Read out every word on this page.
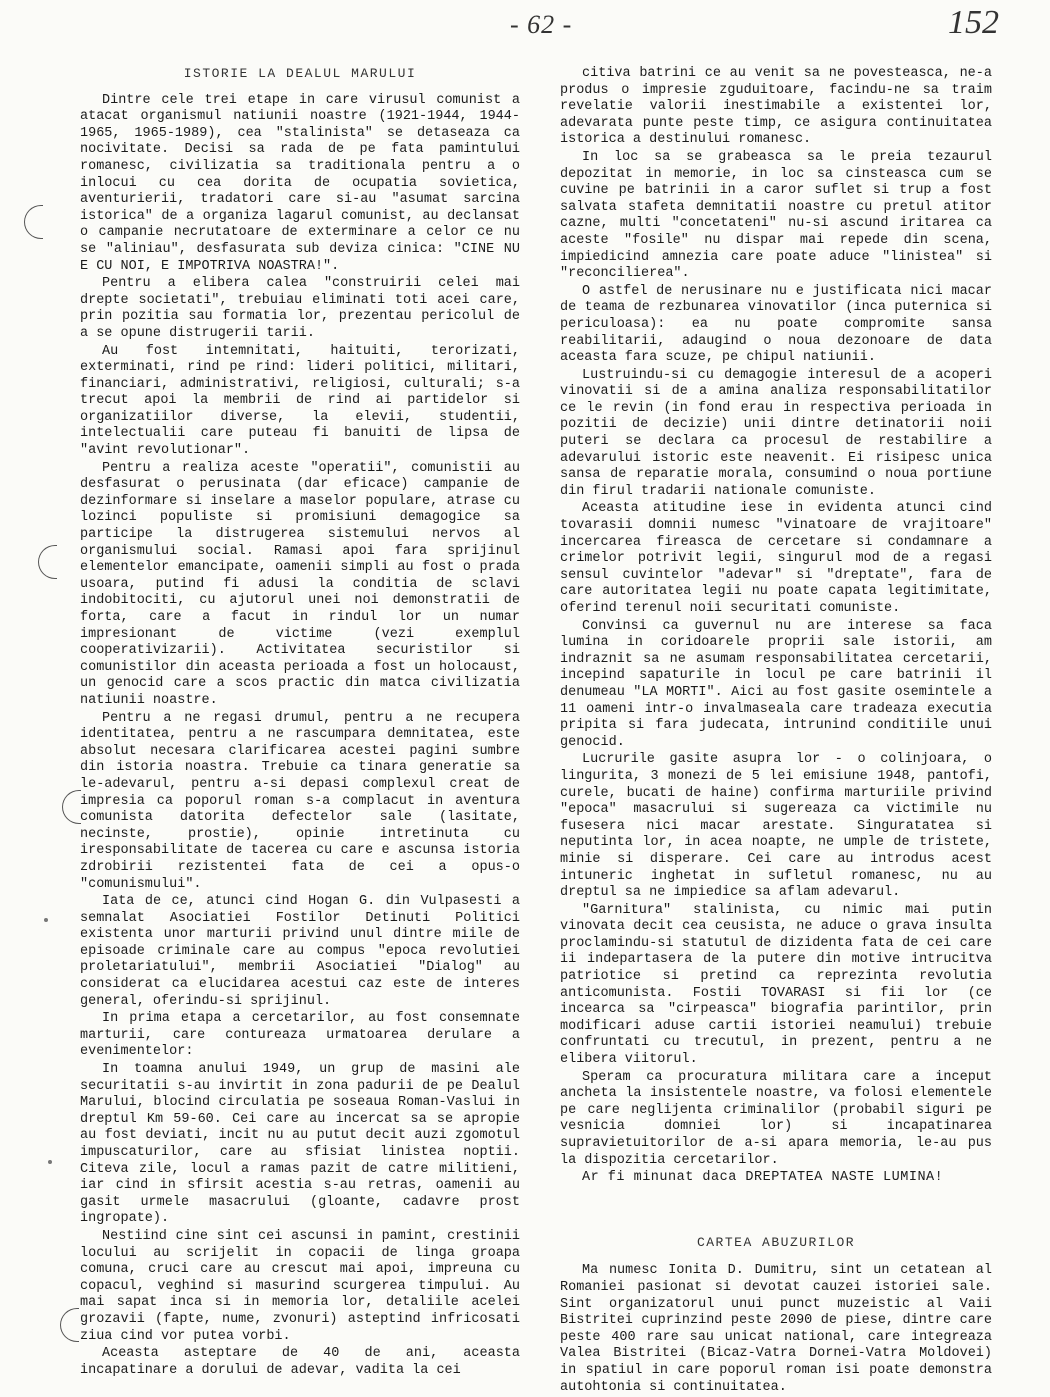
- 62 -	152
ISTORIE LA DEALUL MARULUI

Dintre cele trei etape in care virusul comunist a atacat organismul natiunii noastre (1921-1944, 1944-1965, 1965-1989), cea "stalinista" se detaseaza ca nocivitate. Decisi sa rada de pe fata pamintului romanesc, civilizatia sa traditionala pentru a o inlocui cu cea dorita de ocupatia sovietica, aventurierii, tradatori care si-au "asumat sarcina istorica" de a organiza lagarul comunist, au declansat o campanie necrutatoare de exterminare a celor ce nu se "aliniau", desfasurata sub deviza cinica: "CINE NU E CU NOI, E IMPOTRIVA NOASTRA!".

Pentru a elibera calea "construirii celei mai drepte societati", trebuiau eliminati toti acei care, prin pozitia sau formatia lor, prezentau pericolul de a se opune distrugerii tarii.

Au fost intemnitati, haituiti, terorizati, exterminati, rind pe rind: lideri politici, militari, financiari, administrativi, religiosi, culturali; s-a trecut apoi la membrii de rind ai partidelor si organizatiilor diverse, la elevii, studentii, intelectualii care puteau fi banuiti de lipsa de "avint revolutionar".

Pentru a realiza aceste "operatii", comunistii au desfasurat o perusinata (dar eficace) campanie de dezinformare si inselare a maselor populare, atrase cu lozinci populiste si promisiuni demagogice sa participe la distrugerea sistemului nervos al organismului social. Ramasi apoi fara sprijinul elementelor emancipate, oamenii simpli au fost o prada usoara, putind fi adusi la conditia de sclavi indobitociti, cu ajutorul unei noi demonstratii de forta, care a facut in rindul lor un numar impresionant de victime (vezi exemplul cooperativizarii). Activitatea securistilor si comunistilor din aceasta perioada a fost un holocaust, un genocid care a scos practic din matca civilizatia natiunii noastre.

Pentru a ne regasi drumul, pentru a ne recupera identitatea, pentru a ne rascumpara demnitatea, este absolut necesara clarificarea acestei pagini sumbre din istoria noastra. Trebuie ca tinara generatie sa le-adevarul, pentru a-si depasi complexul creat de impresia ca poporul roman s-a complacut in aventura comunista datorita defectelor sale (lasitate, necinste, prostie), opinie intretinuta cu iresponsabilitate de tacerea cu care e ascunsa istoria zdrobirii rezistentei fata de cei a opus-o "comunismului".

Iata de ce, atunci cind Hogan G. din Vulpasesti a semnalat Asociatiei Fostilor Detinuti Politici existenta unor marturii privind unul dintre miile de episoade criminale care au compus "epoca revolutiei proletariatului", membrii Asociatiei "Dialog" au considerat ca elucidarea acestui caz este de interes general, oferindu-si sprijinul.

In prima etapa a cercetarilor, au fost consemnate marturii, care contureaza urmatoarea derulare a evenimentelor:

In toamna anului 1949, un grup de masini ale securitatii s-au invirtit in zona padurii de pe Dealul Marului, blocind circulatia pe soseaua Roman-Vaslui in dreptul Km 59-60. Cei care au incercat sa se apropie au fost deviati, incit nu au putut decit auzi zgomotul impuscaturilor, care au sfisiat linistea noptii. Citeva zile, locul a ramas pazit de catre militieni, iar cind in sfirsit acestia s-au retras, oamenii au gasit urmele masacrului (gloante, cadavre prost ingropate).

Nestiind cine sint cei ascunsi in pamint, crestinii locului au scrijelit in copacii de linga groapa comuna, cruci care au crescut mai apoi, impreuna cu copacul, veghind si masurind scurgerea timpului. Au mai sapat inca si in memoria lor, detaliile acelei grozavii (fapte, nume, zvonuri) asteptind infricosati ziua cind vor putea vorbi.

Aceasta asteptare de 40 de ani, aceasta incapatinare a dorului de adevar, vadita la cei

citiva batrini ce au venit sa ne povesteasca, ne-a produs o impresie zguduitoare, facindu-ne sa traim revelatie valorii inestimabile a existentei lor, adevarata punte peste timp, ce asigura continuitatea istorica a destinului romanesc.

In loc sa se grabeasca sa le preia tezaurul depozitat in memorie, in loc sa cinsteasca cum se cuvine pe batrinii in a caror suflet si trup a fost salvata stafeta demnitatii noastre cu pretul atitor cazne, multi "concetateni" nu-si ascund iritarea ca aceste "fosile" nu dispar mai repede din scena, impiedicind amnezia care poate aduce "linistea" si "reconcilierea".

O astfel de nerusinare nu e justificata nici macar de teama de rezbunarea vinovatilor (inca puternica si periculoasa): ea nu poate compromite sansa reabilitarii, adaugind o noua dezonoare de data aceasta fara scuze, pe chipul natiunii.

Lustruindu-si cu demagogie interesul de a acoperi vinovatii si de a amina analiza responsabilitatilor ce le revin (in fond erau in respectiva perioada in pozitii de decizie) unii dintre detinatorii noii puteri se declara ca procesul de restabilire a adevarului istoric este neavenit. Ei risipesc unica sansa de reparatie morala, consumind o noua portiune din firul tradarii nationale comuniste.

Aceasta atitudine iese in evidenta atunci cind tovarasii domnii numesc "vinatoare de vrajitoare" incercarea fireasca de cercetare si condamnare a crimelor potrivit legii, singurul mod de a regasi sensul cuvintelor "adevar" si "dreptate", fara de care autoritatea legii nu poate capata legitimitate, oferind terenul noii securitati comuniste.

Convinsi ca guvernul nu are interese sa faca lumina in coridoarele proprii sale istorii, am indraznit sa ne asumam responsabilitatea cercetarii, incepind sapaturile in locul pe care batrinii il denumeau "LA MORTI". Aici au fost gasite osemintele a 11 oameni intr-o invalmaseala care tradeaza executia pripita si fara judecata, intrunind conditiile unui genocid.

Lucrurile gasite asupra lor - o colinjoara, o lingurita, 3 monezi de 5 lei emisiune 1948, pantofi, curele, bucati de haine) confirma marturiile privind "epoca" masacrului si sugereaza ca victimile nu fusesera nici macar arestate. Singuratatea si neputinta lor, in acea noapte, ne umple de tristete, minie si disperare. Cei care au introdus acest intuneric inghetat in sufletul romanesc, nu au dreptul sa ne impiedice sa aflam adevarul.

"Garnitura" stalinista, cu nimic mai putin vinovata decit cea ceusista, ne aduce o grava insulta proclamindu-si statutul de dizidenta fata de cei care ii indepartasera de la putere din motive intrucitva patriotice si pretind ca reprezinta revolutia anticomunista. Fostii TOVARASI si fii lor (ce incearca sa "cirpeasca" biografia parintilor, prin modificari aduse cartii istoriei neamului) trebuie confruntati cu trecutul, in prezent, pentru a ne elibera viitorul.

Speram ca procuratura militara care a inceput ancheta la insistentele noastre, va folosi elementele pe care neglijenta criminalilor (probabil siguri pe vesnicia domniei lor) si incapatinarea supravietuitorilor de a-si apara memoria, le-au pus la dispozitia cercetarilor.

Ar fi minunat daca DREPTATEA NASTE LUMINA!
CARTEA ABUZURILOR

Ma numesc Ionita D. Dumitru, sint un cetatean al Romaniei pasionat si devotat cauzei istoriei sale. Sint organizatorul unui punct muzeistic al Vaii Bistritei cuprinzind peste 2090 de piese, dintre care peste 400 rare sau unicat national, care integreaza Valea Bistritei (Bicaz-Vatra Dornei-Vatra Moldovei) in spatiul in care poporul roman isi poate demonstra autohtonia si continuitatea.
